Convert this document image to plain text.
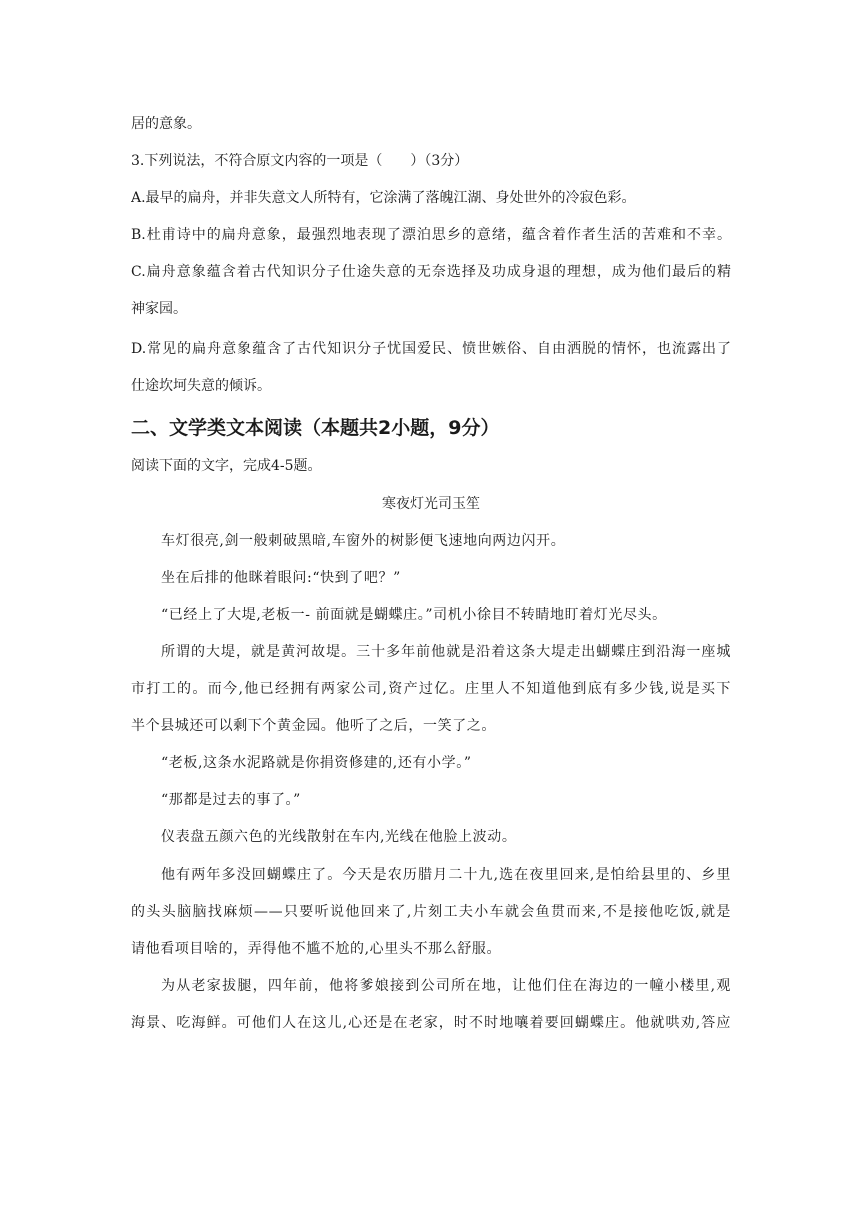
居的意象。
3.下列说法，不符合原文内容的一项是（　　）（3分）
A.最早的扁舟，并非失意文人所特有，它涂满了落魄江湖、身处世外的冷寂色彩。
B.杜甫诗中的扁舟意象，最强烈地表现了漂泊思乡的意绪，蕴含着作者生活的苦难和不幸。
C.扁舟意象蕴含着古代知识分子仕途失意的无奈选择及功成身退的理想，成为他们最后的精
神家园。
D.常见的扁舟意象蕴含了古代知识分子忧国爱民、愤世嫉俗、自由洒脱的情怀，也流露出了
仕途坎坷失意的倾诉。
二、文学类文本阅读（本题共2小题，9分）
阅读下面的文字，完成4-5题。
寒夜灯光司玉笙
车灯很亮,剑一般刺破黑暗,车窗外的树影便飞速地向两边闪开。
坐在后排的他眯着眼问:“快到了吧？”
“已经上了大堤,老板一- 前面就是蝴蝶庄。”司机小徐目不转睛地盯着灯光尽头。
所谓的大堤，就是黄河故堤。三十多年前他就是沿着这条大堤走出蝴蝶庄到沿海一座城
市打工的。而今,他已经拥有两家公司,资产过亿。庄里人不知道他到底有多少钱,说是买下
半个县城还可以剩下个黄金园。他听了之后，一笑了之。
“老板,这条水泥路就是你捐资修建的,还有小学。”
“那都是过去的事了。”
仪表盘五颜六色的光线散射在车内,光线在他脸上波动。
他有两年多没回蝴蝶庄了。今天是农历腊月二十九,选在夜里回来,是怕给县里的、乡里
的头头脑脑找麻烦——只要听说他回来了,片刻工夫小车就会鱼贯而来,不是接他吃饭,就是
请他看项目啥的，弄得他不尴不尬的,心里头不那么舒服。
为从老家拔腿，四年前，他将爹娘接到公司所在地，让他们住在海边的一幢小楼里,观
海景、吃海鲜。可他们人在这儿,心还是在老家，时不时地嚷着要回蝴蝶庄。他就哄劝,答应
